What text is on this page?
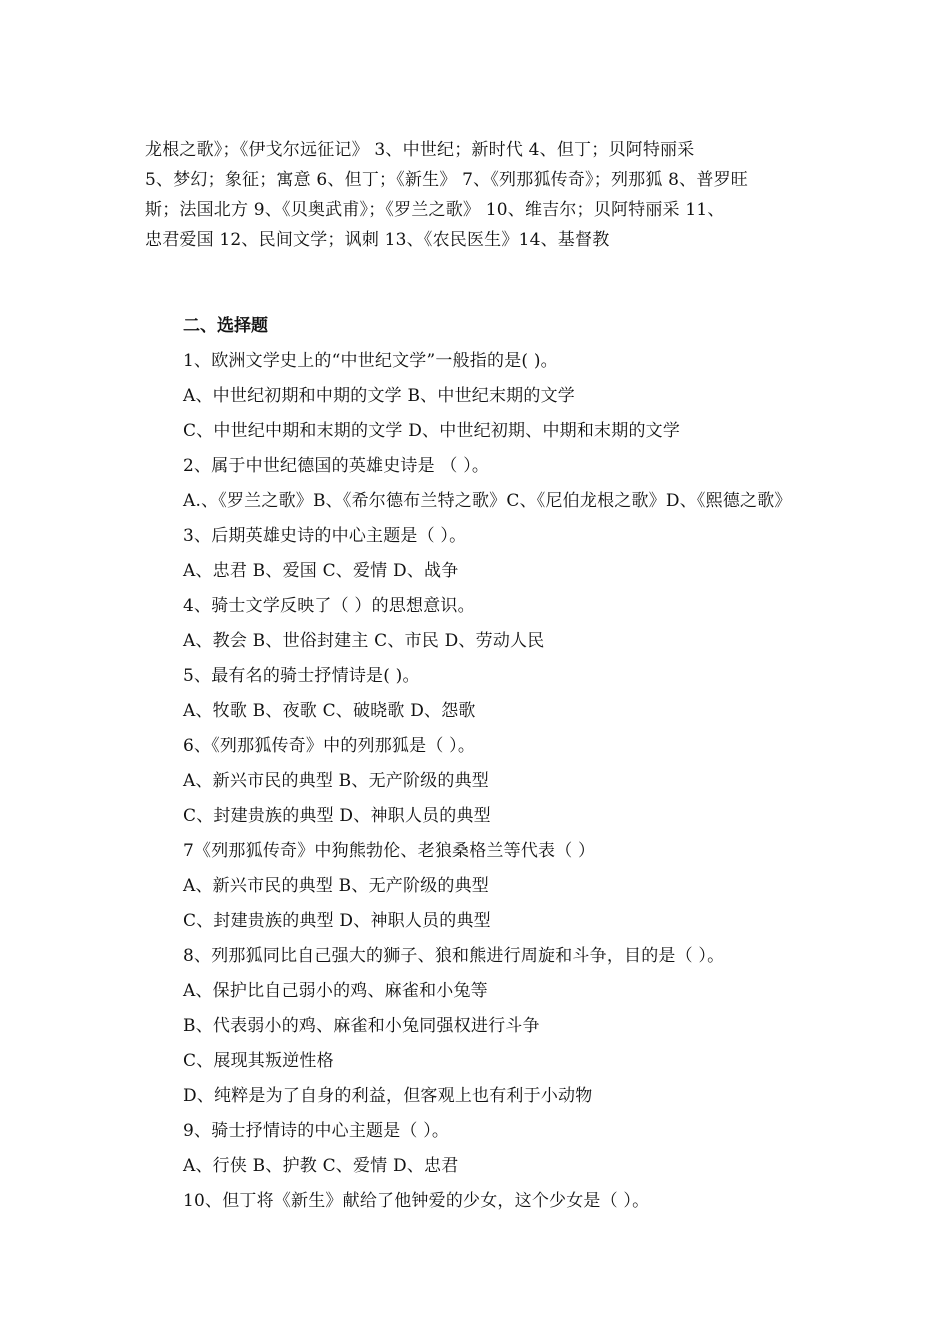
龙根之歌》；《伊戈尔远征记》 3、中世纪；新时代 4、但丁；贝阿特丽采
5、梦幻；象征；寓意 6、但丁；《新生》 7、《列那狐传奇》；列那狐 8、普罗旺
斯；法国北方 9、《贝奥武甫》；《罗兰之歌》 10、维吉尔；贝阿特丽采 11、
忠君爱国 12、民间文学；讽刺 13、《农民医生》14、基督教
二、选择题
1、欧洲文学史上的“中世纪文学”一般指的是( )。
A、中世纪初期和中期的文学 B、中世纪末期的文学
C、中世纪中期和末期的文学 D、中世纪初期、中期和末期的文学
2、属于中世纪德国的英雄史诗是 （ ）。
A.、《罗兰之歌》B、《希尔德布兰特之歌》C、《尼伯龙根之歌》D、《熙德之歌》
3、后期英雄史诗的中心主题是（ ）。
A、忠君 B、爱国 C、爱情 D、战争
4、骑士文学反映了（ ）的思想意识。
A、教会 B、世俗封建主 C、市民 D、劳动人民
5、最有名的骑士抒情诗是( )。
A、牧歌 B、夜歌 C、破晓歌 D、怨歌
6、《列那狐传奇》中的列那狐是（ ）。
A、新兴市民的典型 B、无产阶级的典型
C、封建贵族的典型 D、神职人员的典型
7《列那狐传奇》中狗熊勃伦、老狼桑格兰等代表（ ）
A、新兴市民的典型 B、无产阶级的典型
C、封建贵族的典型 D、神职人员的典型
8、列那狐同比自己强大的狮子、狼和熊进行周旋和斗争，目的是（ ）。
A、保护比自己弱小的鸡、麻雀和小兔等
B、代表弱小的鸡、麻雀和小兔同强权进行斗争
C、展现其叛逆性格
D、纯粹是为了自身的利益，但客观上也有利于小动物
9、骑士抒情诗的中心主题是（ ）。
A、行侠 B、护教 C、爱情 D、忠君
10、但丁将《新生》献给了他钟爱的少女，这个少女是（ ）。
